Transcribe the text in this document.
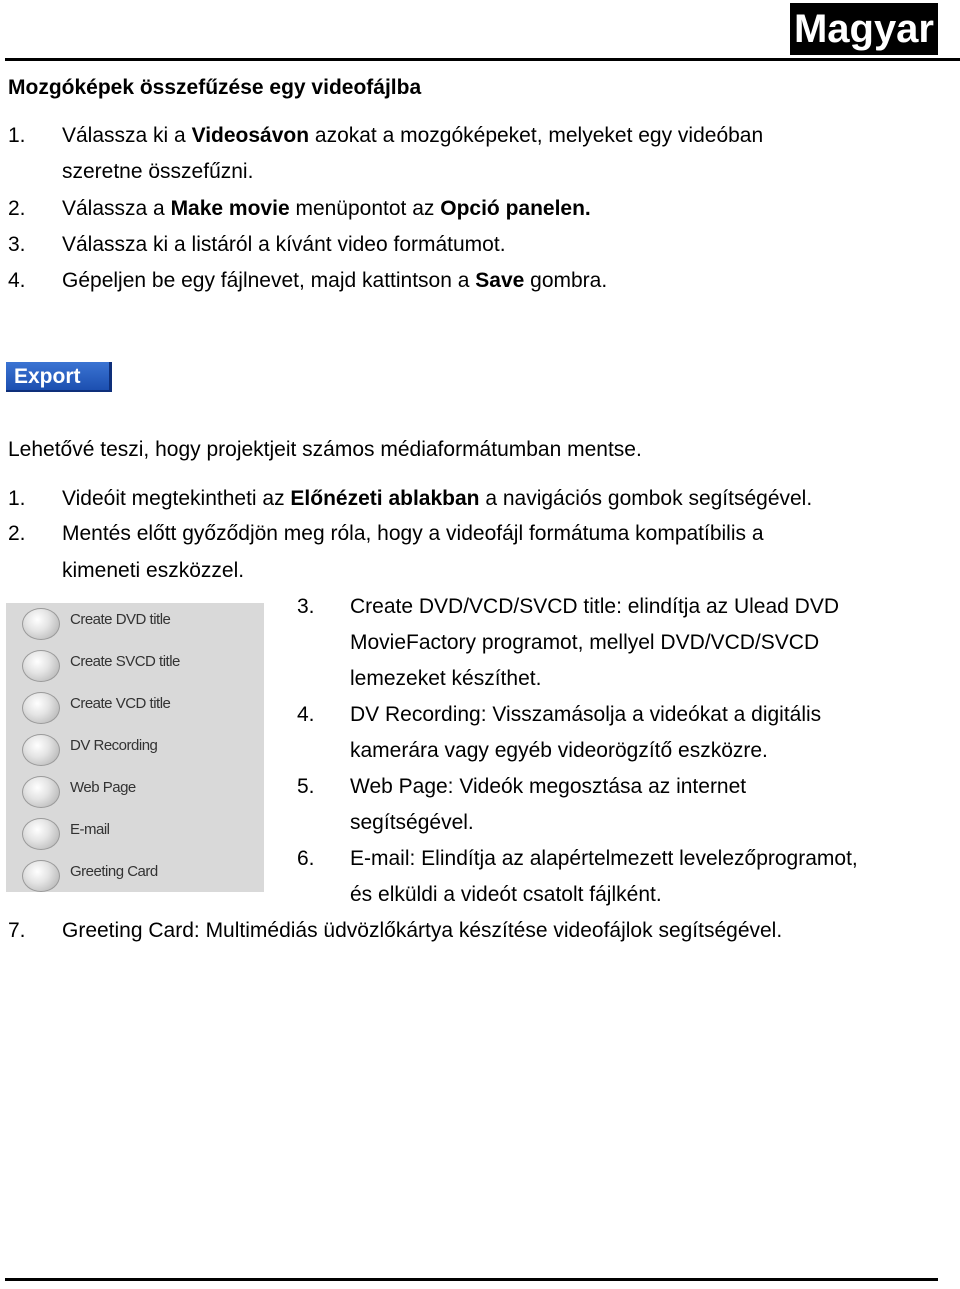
Magyar
Mozgóképek összefűzése egy videofájlba
1. Válassza ki a Videosávon azokat a mozgóképeket, melyeket egy videóban
szeretne összefűzni.
2. Válassza a Make movie menüpontot az Opció panelen.
3. Válassza ki a listáról a kívánt video formátumot.
4. Gépeljen be egy fájlnevet, majd kattintson a Save gombra.
Export
Lehetővé teszi, hogy projektjeit számos médiaformátumban mentse.
1. Videóit megtekintheti az Előnézeti ablakban a navigációs gombok segítségével.
2. Mentés előtt győződjön meg róla, hogy a videofájl formátuma kompatíbilis a
kimeneti eszközzel.
Create DVD title
Create SVCD title
Create VCD title
DV Recording
Web Page
E-mail
Greeting Card
3. Create DVD/VCD/SVCD title: elindítja az Ulead DVD
MovieFactory programot, mellyel DVD/VCD/SVCD
lemezeket készíthet.
4. DV Recording: Visszamásolja a videókat a digitális
kamerára vagy egyéb videorögzítő eszközre.
5. Web Page: Videók megosztása az internet
segítségével.
6. E-mail: Elindítja az alapértelmezett levelezőprogramot,
és elküldi a videót csatolt fájlként.
7. Greeting Card: Multimédiás üdvözlőkártya készítése videofájlok segítségével.
